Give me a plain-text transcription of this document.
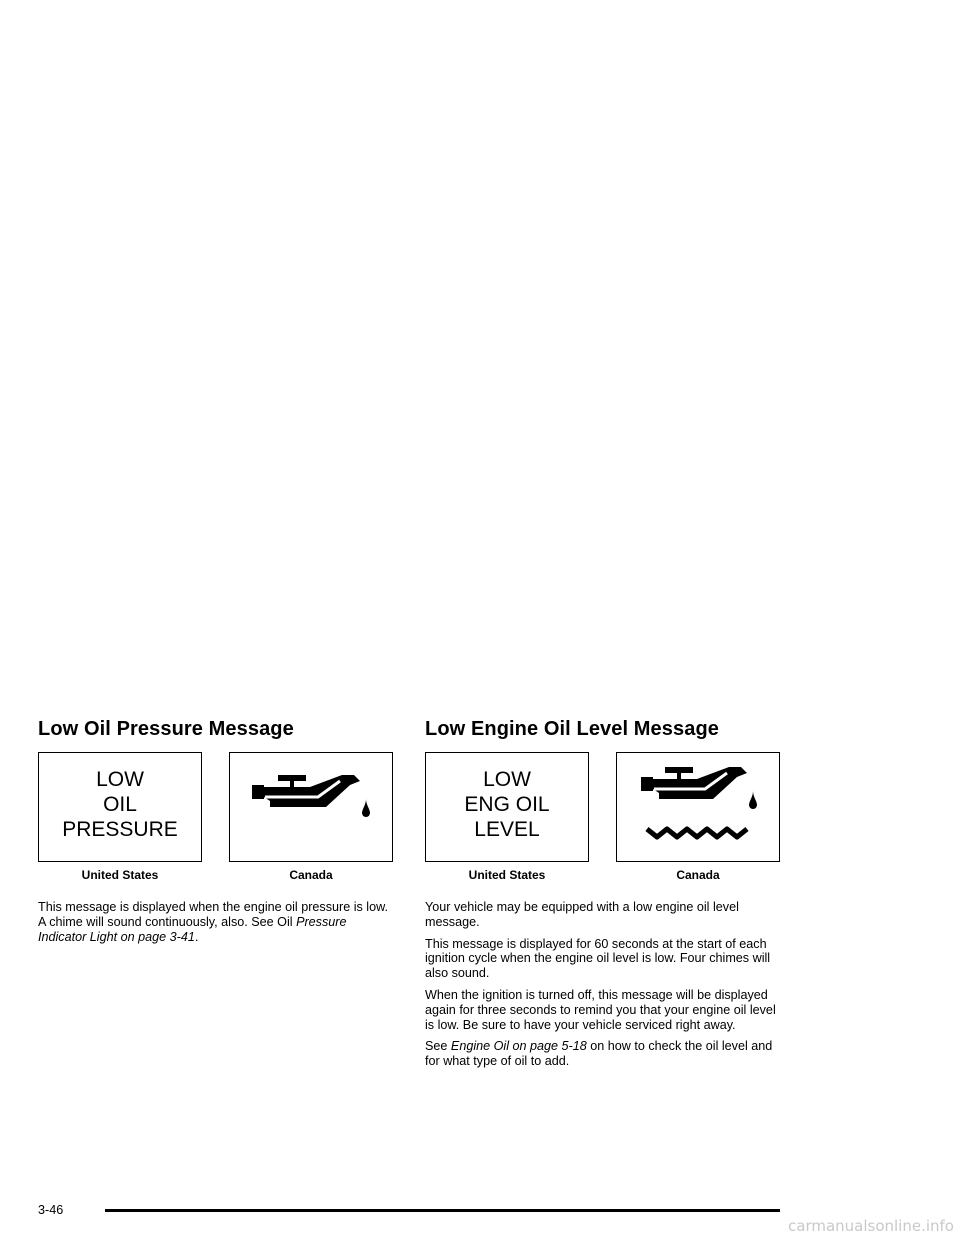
Low Oil Pressure Message
LOW
OIL
PRESSURE
United States	Canada

This message is displayed when the engine oil pressure is low. A chime will sound continuously, also. See Oil Pressure Indicator Light on page 3-41.

Low Engine Oil Level Message
LOW
ENG OIL
LEVEL
United States	Canada

Your vehicle may be equipped with a low engine oil level message.

This message is displayed for 60 seconds at the start of each ignition cycle when the engine oil level is low. Four chimes will also sound.

When the ignition is turned off, this message will be displayed again for three seconds to remind you that your engine oil level is low. Be sure to have your vehicle serviced right away.

See Engine Oil on page 5-18 on how to check the oil level and for what type of oil to add.

3-46
carmanualsonline.info
